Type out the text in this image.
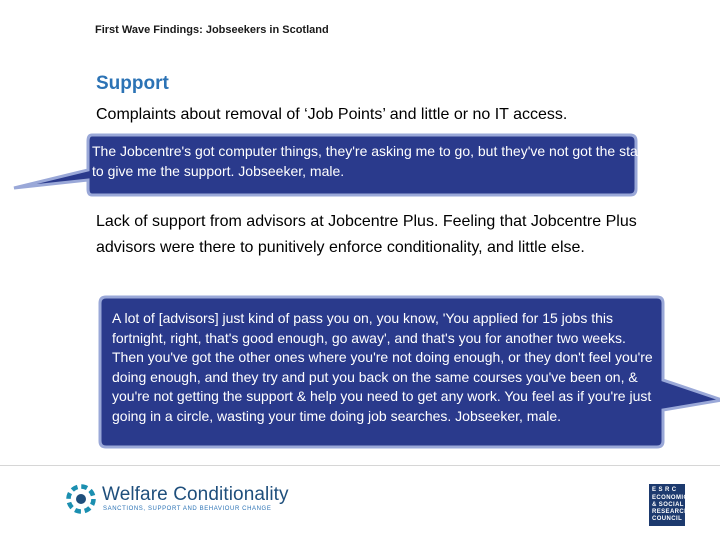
First Wave Findings: Jobseekers in Scotland
Support
Complaints about removal of ‘Job Points’ and little or no IT access.
The Jobcentre's got computer things, they're asking me to go, but they've not got the staff to give me the support. Jobseeker, male.
Lack of support from advisors at Jobcentre Plus. Feeling that Jobcentre Plus advisors were there to punitively enforce conditionality, and little else.
A lot of [advisors] just kind of pass you on, you know, 'You applied for 15 jobs this fortnight, right, that's good enough, go away', and that's you for another two weeks. Then you've got the other ones where you're not doing enough, or they don't feel you're doing enough, and they try and put you back on the same courses you've been on, & you're not getting the support & help you need to get any work. You feel as if you're just going in a circle, wasting your time doing job searches. Jobseeker, male.
Welfare Conditionality
SANCTIONS, SUPPORT AND BEHAVIOUR CHANGE
E S R C
ECONOMIC
& SOCIAL
RESEARCH
COUNCIL
